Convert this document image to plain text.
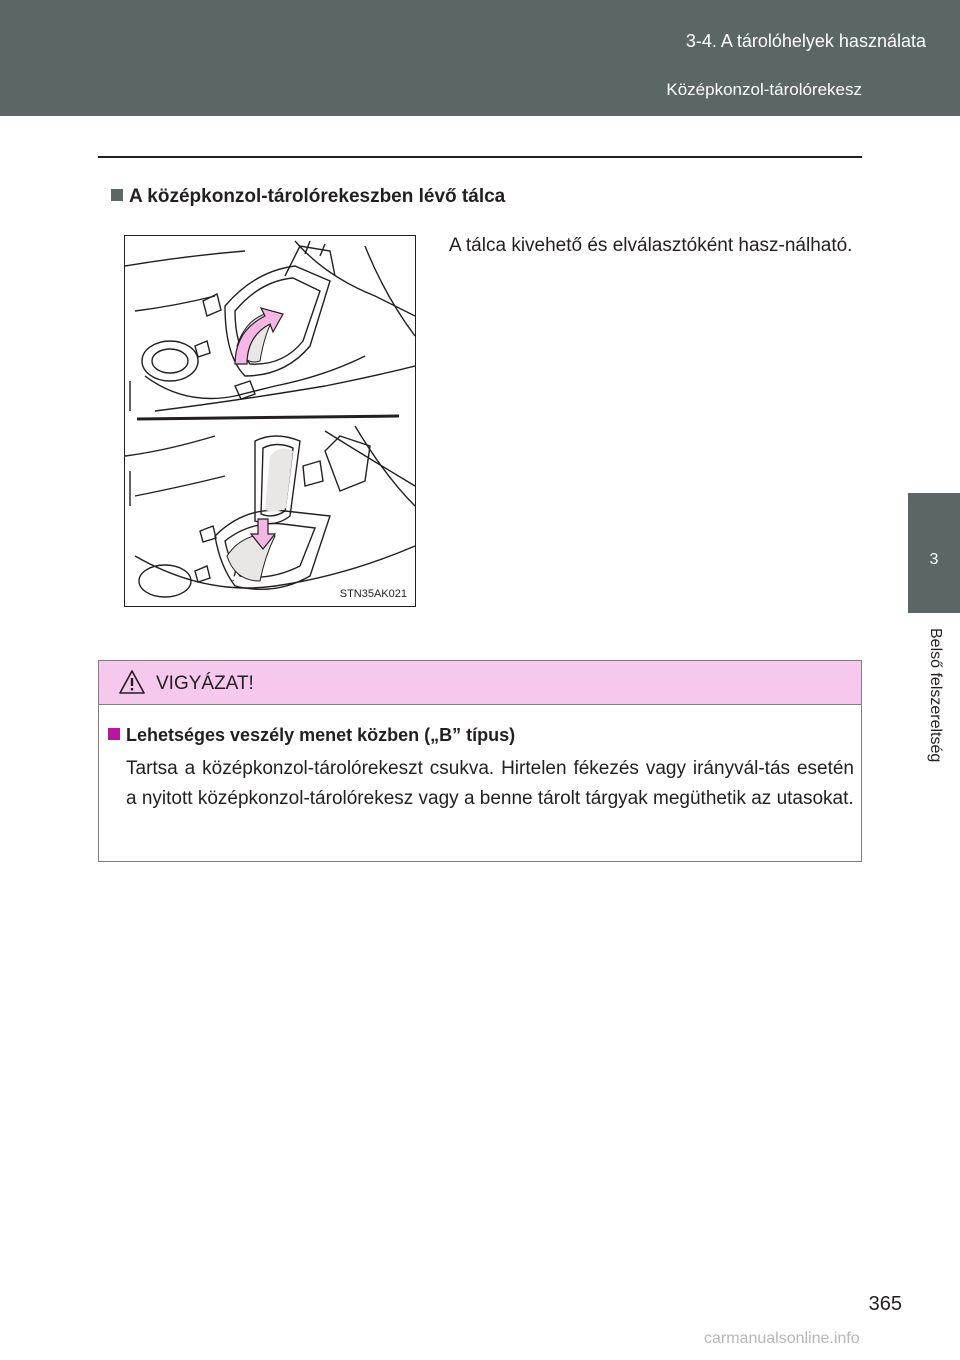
3-4. A tárolóhelyek használata
Középkonzol-tárolórekesz
3
Belső felszereltség
A középkonzol-tárolórekeszben lévő tálca
STN35AK021
A tálca kivehető és elválasztóként hasz-nálható.
VIGYÁZAT!
Lehetséges veszély menet közben („B” típus)
Tartsa a középkonzol-tárolórekeszt csukva. Hirtelen fékezés vagy irányvál-tás esetén a nyitott középkonzol-tárolórekesz vagy a benne tárolt tárgyak megüthetik az utasokat.
365
carmanualsonline.info
